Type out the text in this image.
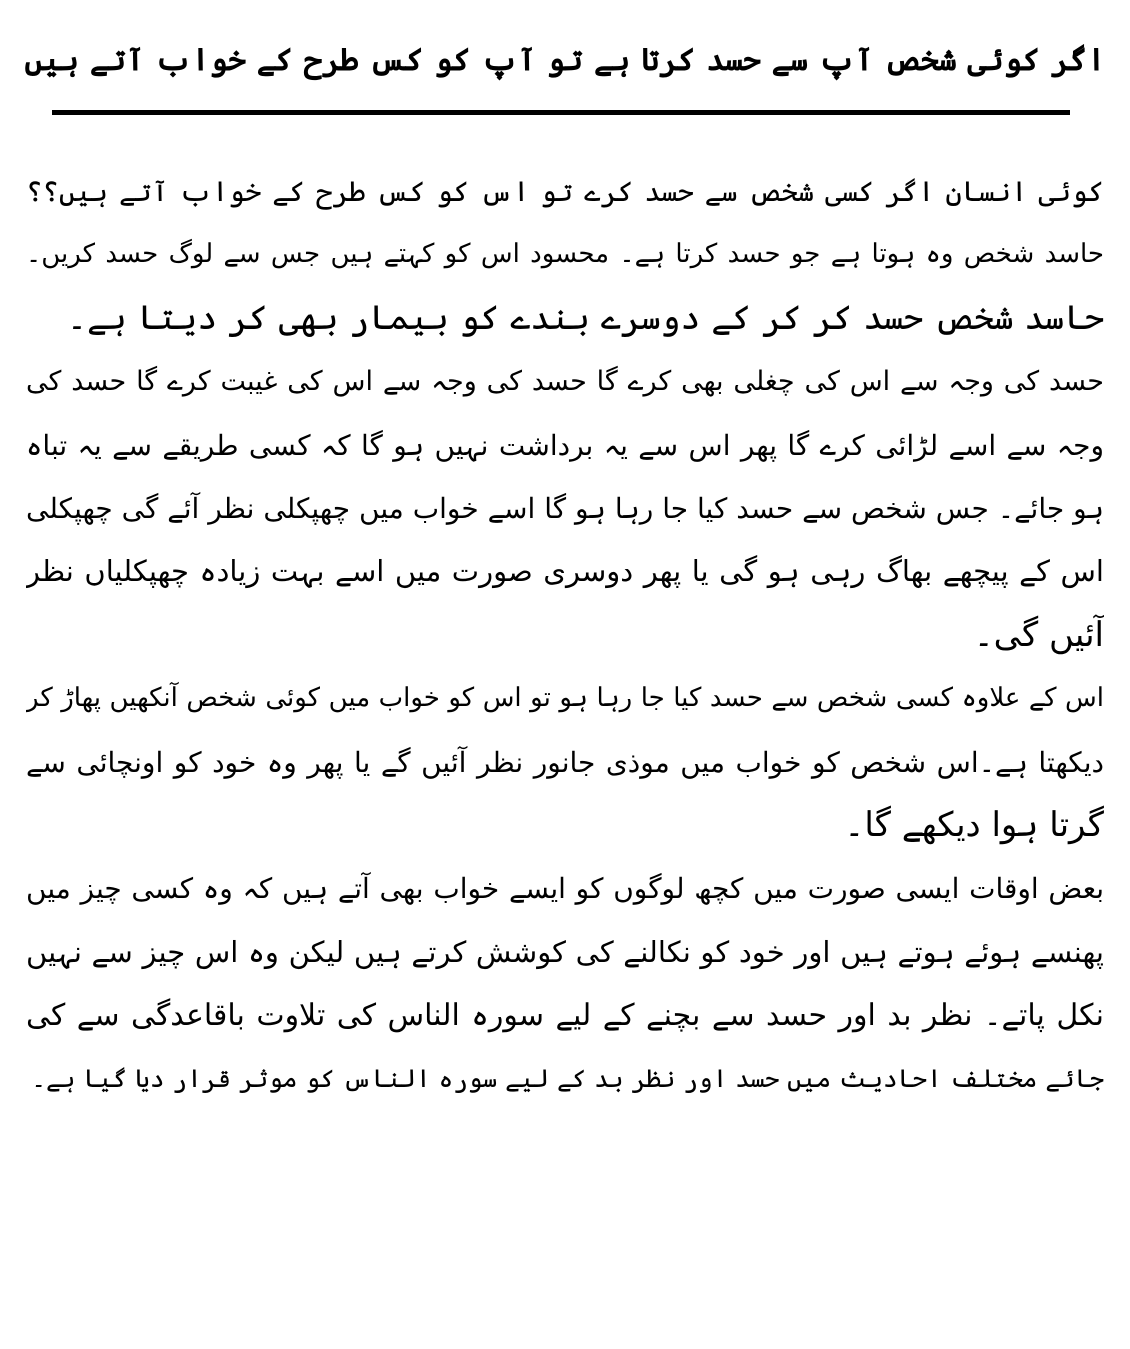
اگر کوئی شخص آپ سے حسد کرتا ہے تو آپ کو کس طرح کے خواب آتے ہیں

کوئی انسان اگر کسی شخص سے حسد کرے تو اس کو کس طرح کے خواب آتے ہیں؟؟
حاسد شخص وہ ہوتا ہے جو حسد کرتا ہے۔ محسود اس کو کہتے ہیں جس سے لوگ حسد کریں۔
حاسد شخص حسد کر کر کے دوسرے بندے کو بیمار بھی کر دیتا ہے۔

حسد کی وجہ سے اس کی چغلی بھی کرے گا حسد کی وجہ سے اس کی غیبت کرے گا حسد کی
وجہ سے اسے لڑائی کرے گا پھر اس سے یہ برداشت نہیں ہو گا کہ کسی طریقے سے یہ تباہ
ہو جائے۔ جس شخص سے حسد کیا جا رہا ہو گا اسے خواب میں چھپکلی نظر آئے گی چھپکلی
اس کے پیچھے بھاگ رہی ہو گی یا پھر دوسری صورت میں اسے بہت زیادہ چھپکلیاں نظر
آئیں گی۔

اس کے علاوہ کسی شخص سے حسد کیا جا رہا ہو تو اس کو خواب میں کوئی شخص آنکھیں پھاڑ کر
دیکھتا ہے۔اس شخص کو خواب میں موذی جانور نظر آئیں گے یا پھر وہ خود کو اونچائی سے
گرتا ہوا دیکھے گا۔

بعض اوقات ایسی صورت میں کچھ لوگوں کو ایسے خواب بھی آتے ہیں کہ وہ کسی چیز میں
پھنسے ہوئے ہوتے ہیں اور خود کو نکالنے کی کوشش کرتے ہیں لیکن وہ اس چیز سے نہیں
نکل پاتے۔ نظر بد اور حسد سے بچنے کے لیے سورہ الناس کی تلاوت باقاعدگی سے کی
جائے مختلف احادیث میں حسد اور نظر بد کے لیے سورہ الناس کو موثر قرار دیا گیا ہے۔
